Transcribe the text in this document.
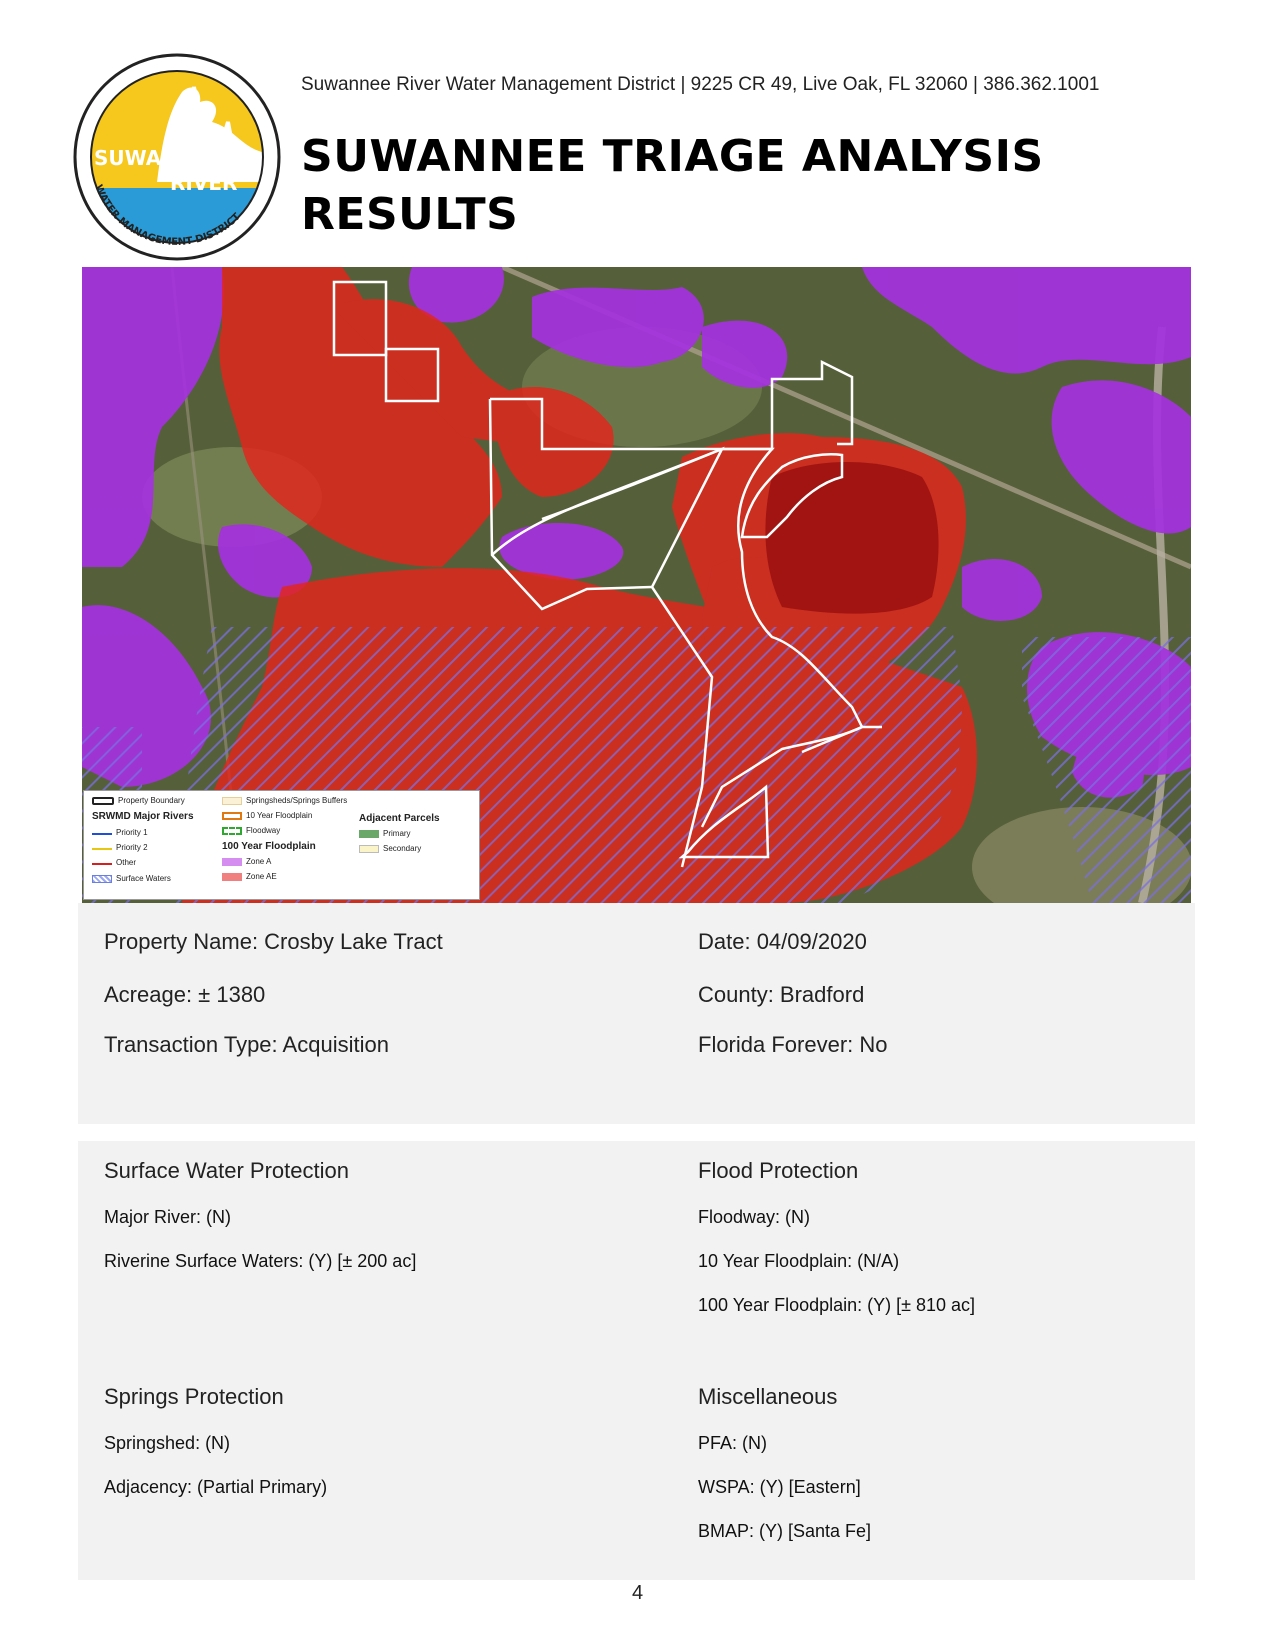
SUWANNEE
RIVER
WATER MANAGEMENT DISTRICT
Suwannee River Water Management District | 9225 CR 49, Live Oak, FL 32060 | 386.362.1001
SUWANNEE TRIAGE ANALYSIS
RESULTS
Property Boundary
SRWMD Major Rivers
Priority 1
Priority 2
Other
Surface Waters
Springsheds/Springs Buffers
10 Year Floodplain
Floodway
100 Year Floodplain
Zone A
Zone AE
Adjacent Parcels
Primary
Secondary
Property Name: Crosby Lake Tract
Acreage: ± 1380
Transaction Type: Acquisition
Date: 04/09/2020
County: Bradford
Florida Forever: No
Surface Water Protection
Major River: (N)
Riverine Surface Waters: (Y) [± 200 ac]
Flood Protection
Floodway: (N)
10 Year Floodplain: (N/A)
100 Year Floodplain: (Y) [± 810 ac]
Springs Protection
Springshed: (N)
Adjacency: (Partial Primary)
Miscellaneous
PFA: (N)
WSPA: (Y) [Eastern]
BMAP: (Y) [Santa Fe]
4
